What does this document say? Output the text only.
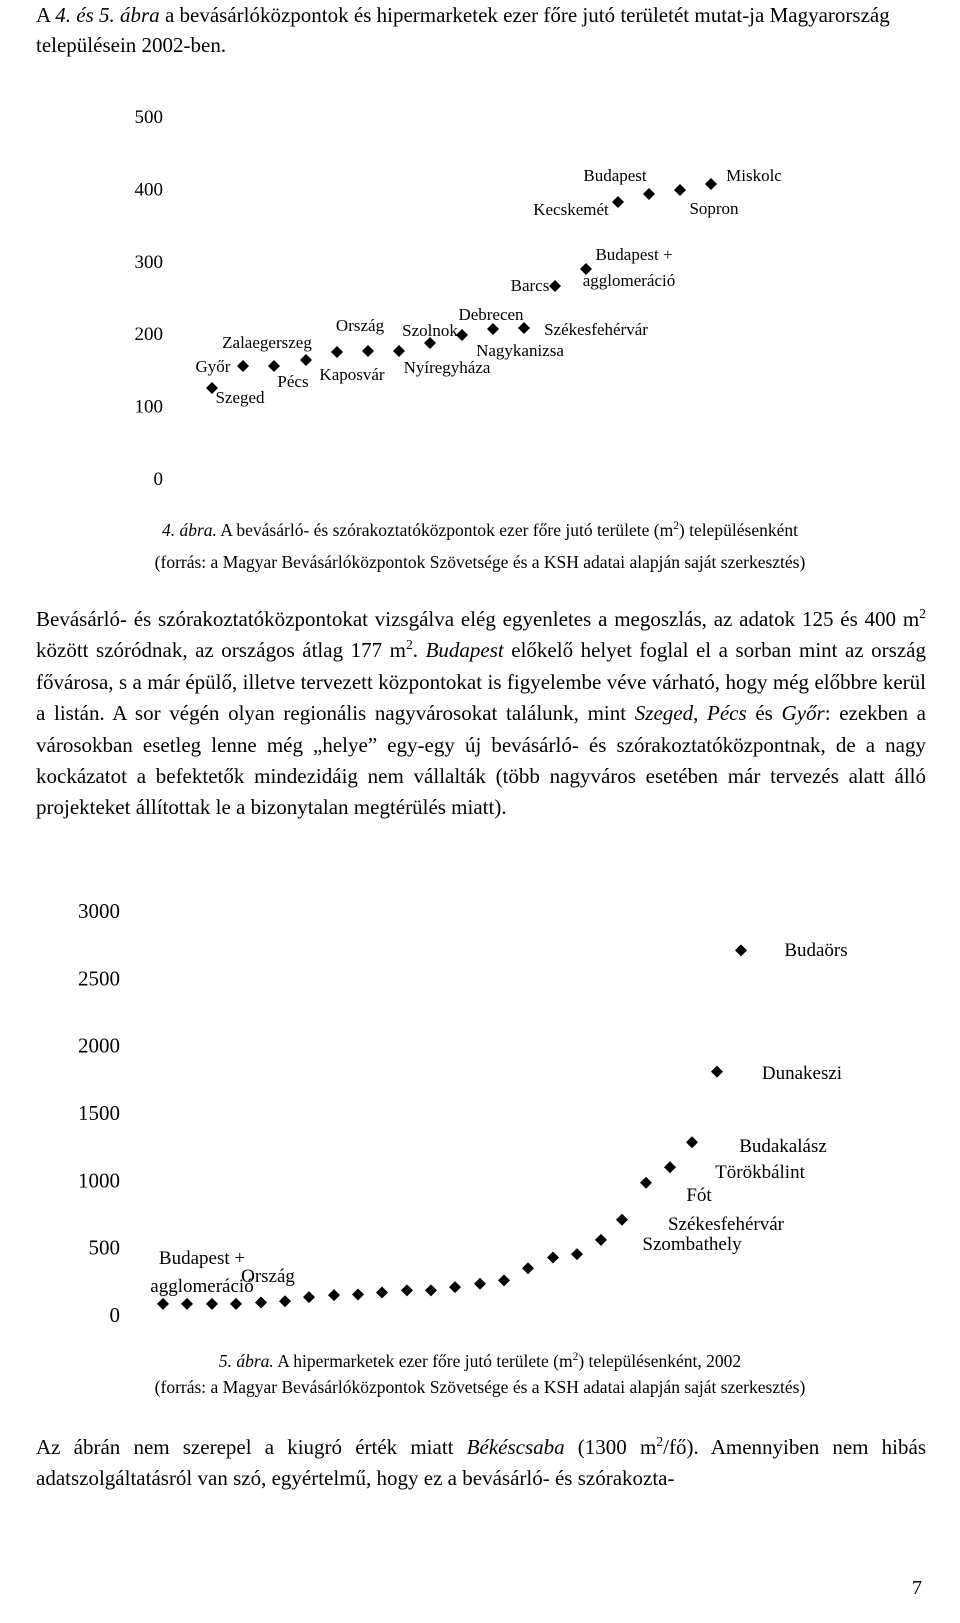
A 4. és 5. ábra a bevásárlóközpontok és hipermarketek ezer főre jutó területét mutat-ja Magyarország településein 2002-ben.
0
100
200
300
400
500
Szeged
Győr
Pécs
Zalaegerszeg
Ország
Kaposvár Nyíregyháza
Szolnok
Debrecen
Nagykanizsa
Székesfehérvár
Barcs
Budapest +
agglomeráció
Kecskemét
Budapest
Sopron
Miskolc
4. ábra. A bevásárló- és szórakoztatóközpontok ezer főre jutó területe $(m^2)$ településenként
(forrás: a Magyar Bevásárlóközpontok Szövetsége és a KSH adatai alapján saját szerkesztés)
Bevásárló- és szórakoztatóközpontokat vizsgálva elég egyenletes a megoszlás, az adatok 125 és 400 $m^2$ között szóródnak, az országos átlag 177 $m^2$. Budapest előkelő helyet foglal el a sorban mint az ország fővárosa, s a már épülő, illetve tervezett központokat is figyelembe véve várható, hogy még előbbre kerül a listán. A sor végén olyan regionális nagyvárosokat találunk, mint Szeged, Pécs és Győr: ezekben a városokban esetleg lenne még „helye” egy-egy új bevásárló- és szórakoztatóközpontnak, de a nagy kockázatot a befektetők mindezidáig nem vállalták (több nagyváros esetében már tervezés alatt álló projekteket állítottak le a bizonytalan megtérülés miatt).
0
500
1000
1500
2000
2500
3000
Budapest +
agglomeráció
Ország
Szombathely
Székesfehérvár
Fót
Törökbálint
Budakalász
Dunakeszi
Budaörs
5. ábra. A hipermarketek ezer főre jutó területe $(m^2)$ településenként, 2002
(forrás: a Magyar Bevásárlóközpontok Szövetsége és a KSH adatai alapján saját szerkesztés)
Az ábrán nem szerepel a kiugró érték miatt Békéscsaba (1300 $m^2/fő$). Amennyiben nem hibás adatszolgáltatásról van szó, egyértelmű, hogy ez a bevásárló- és szórakozta-
7
